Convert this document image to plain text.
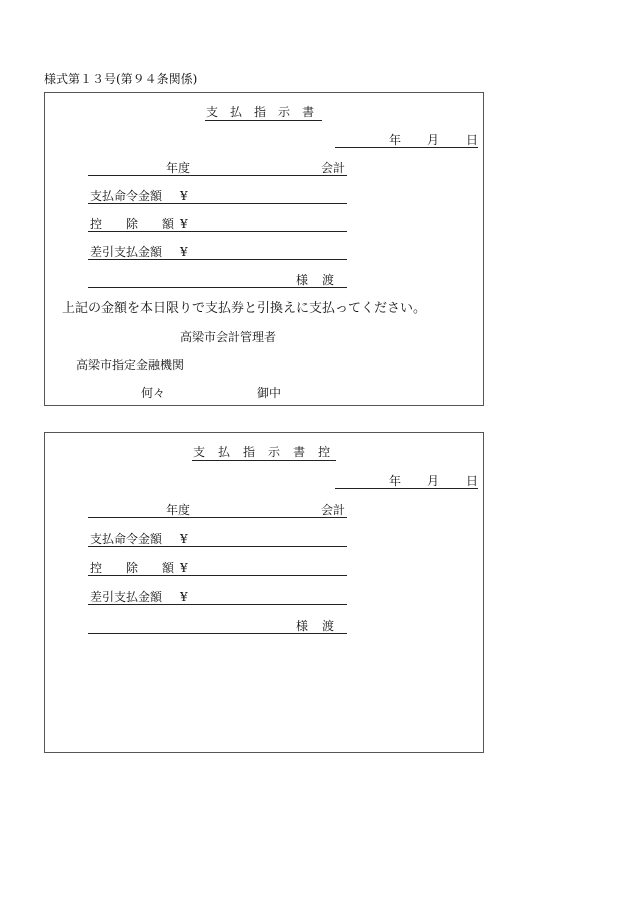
様式第１３号(第９４条関係)
支 払 指 示 書
年 月 日
年度	会計
支払命令金額 ¥
控 除 額 ¥
差引支払金額 ¥
様 渡
上記の金額を本日限りで支払券と引換えに支払ってください。
高梁市会計管理者
高梁市指定金融機関
何々	御中
支 払 指 示 書 控
年 月 日
年度	会計
支払命令金額 ¥
控 除 額 ¥
差引支払金額 ¥
様 渡
